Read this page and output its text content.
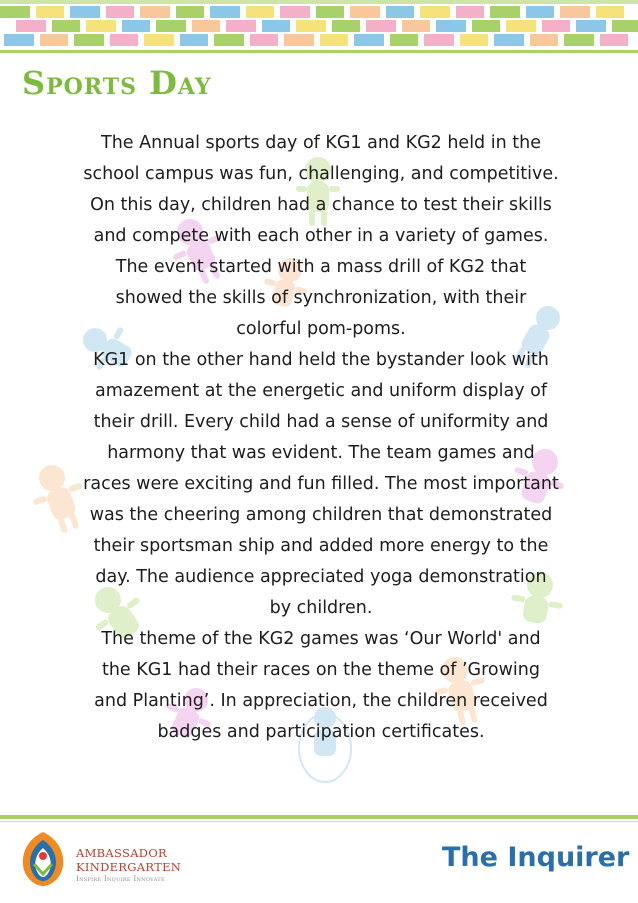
Sports Day
The Annual sports day of KG1 and KG2 held in the
school campus was fun, challenging, and competitive.
On this day, children had a chance to test their skills
and compete with each other in a variety of games.
The event started with a mass drill of KG2 that
showed the skills of synchronization, with their
colorful pom-poms.
KG1 on the other hand held the bystander look with
amazement at the energetic and uniform display of
their drill. Every child had a sense of uniformity and
harmony that was evident. The team games and
races were exciting and fun filled. The most important
was the cheering among children that demonstrated
their sportsman ship and added more energy to the
day. The audience appreciated yoga demonstration
by children.
The theme of the KG2 games was ‘Our World' and
the KG1 had their races on the theme of ’Growing
and Planting’. In appreciation, the children received
badges and participation certificates.
AMBASSADOR
KINDERGARTEN
Inspire Inquire Innovate
The Inquirer
